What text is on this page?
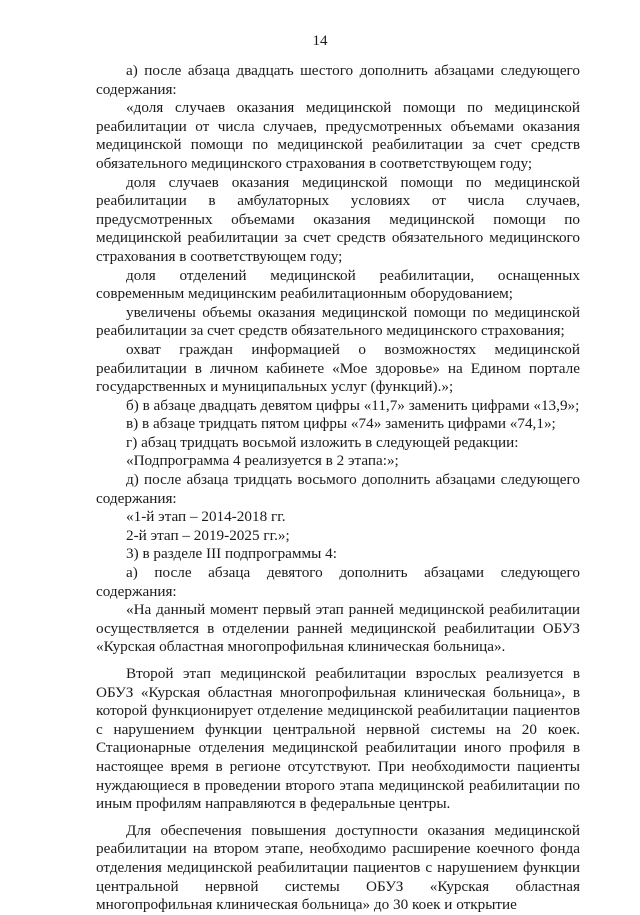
14

а) после абзаца двадцать шестого дополнить абзацами следующего содержания:

«доля случаев оказания медицинской помощи по медицинской реабилитации от числа случаев, предусмотренных объемами оказания медицинской помощи по медицинской реабилитации за счет средств обязательного медицинского страхования в соответствующем году;

доля случаев оказания медицинской помощи по медицинской реабилитации в амбулаторных условиях от числа случаев, предусмотренных объемами оказания медицинской помощи по медицинской реабилитации за счет средств обязательного медицинского страхования в соответствующем году;

доля отделений медицинской реабилитации, оснащенных современным медицинским реабилитационным оборудованием;

увеличены объемы оказания медицинской помощи по медицинской реабилитации за счет средств обязательного медицинского страхования;

охват граждан информацией о возможностях медицинской реабилитации в личном кабинете «Мое здоровье» на Едином портале государственных и муниципальных услуг (функций).»;

б) в абзаце двадцать девятом цифры «11,7» заменить цифрами «13,9»;

в) в абзаце тридцать пятом цифры «74» заменить цифрами «74,1»;

г) абзац тридцать восьмой изложить в следующей редакции:

«Подпрограмма 4 реализуется в 2 этапа:»;

д) после абзаца тридцать восьмого дополнить абзацами следующего содержания:

«1-й этап – 2014-2018 гг.

2-й этап – 2019-2025 гг.»;

3) в разделе III подпрограммы 4:

а) после абзаца девятого дополнить абзацами следующего содержания:

«На данный момент первый этап ранней медицинской реабилитации осуществляется в отделении ранней медицинской реабилитации ОБУЗ «Курская областная многопрофильная клиническая больница».

Второй этап медицинской реабилитации взрослых реализуется в ОБУЗ «Курская областная многопрофильная клиническая больница», в которой функционирует отделение медицинской реабилитации пациентов с нарушением функции центральной нервной системы на 20 коек. Стационарные отделения медицинской реабилитации иного профиля в настоящее время в регионе отсутствуют. При необходимости пациенты нуждающиеся в проведении второго этапа медицинской реабилитации по иным профилям направляются в федеральные центры.

Для обеспечения повышения доступности оказания медицинской реабилитации на втором этапе, необходимо расширение коечного фонда отделения медицинской реабилитации пациентов с нарушением функции центральной нервной системы ОБУЗ «Курская областная многопрофильная клиническая больница» до 30 коек и открытие
